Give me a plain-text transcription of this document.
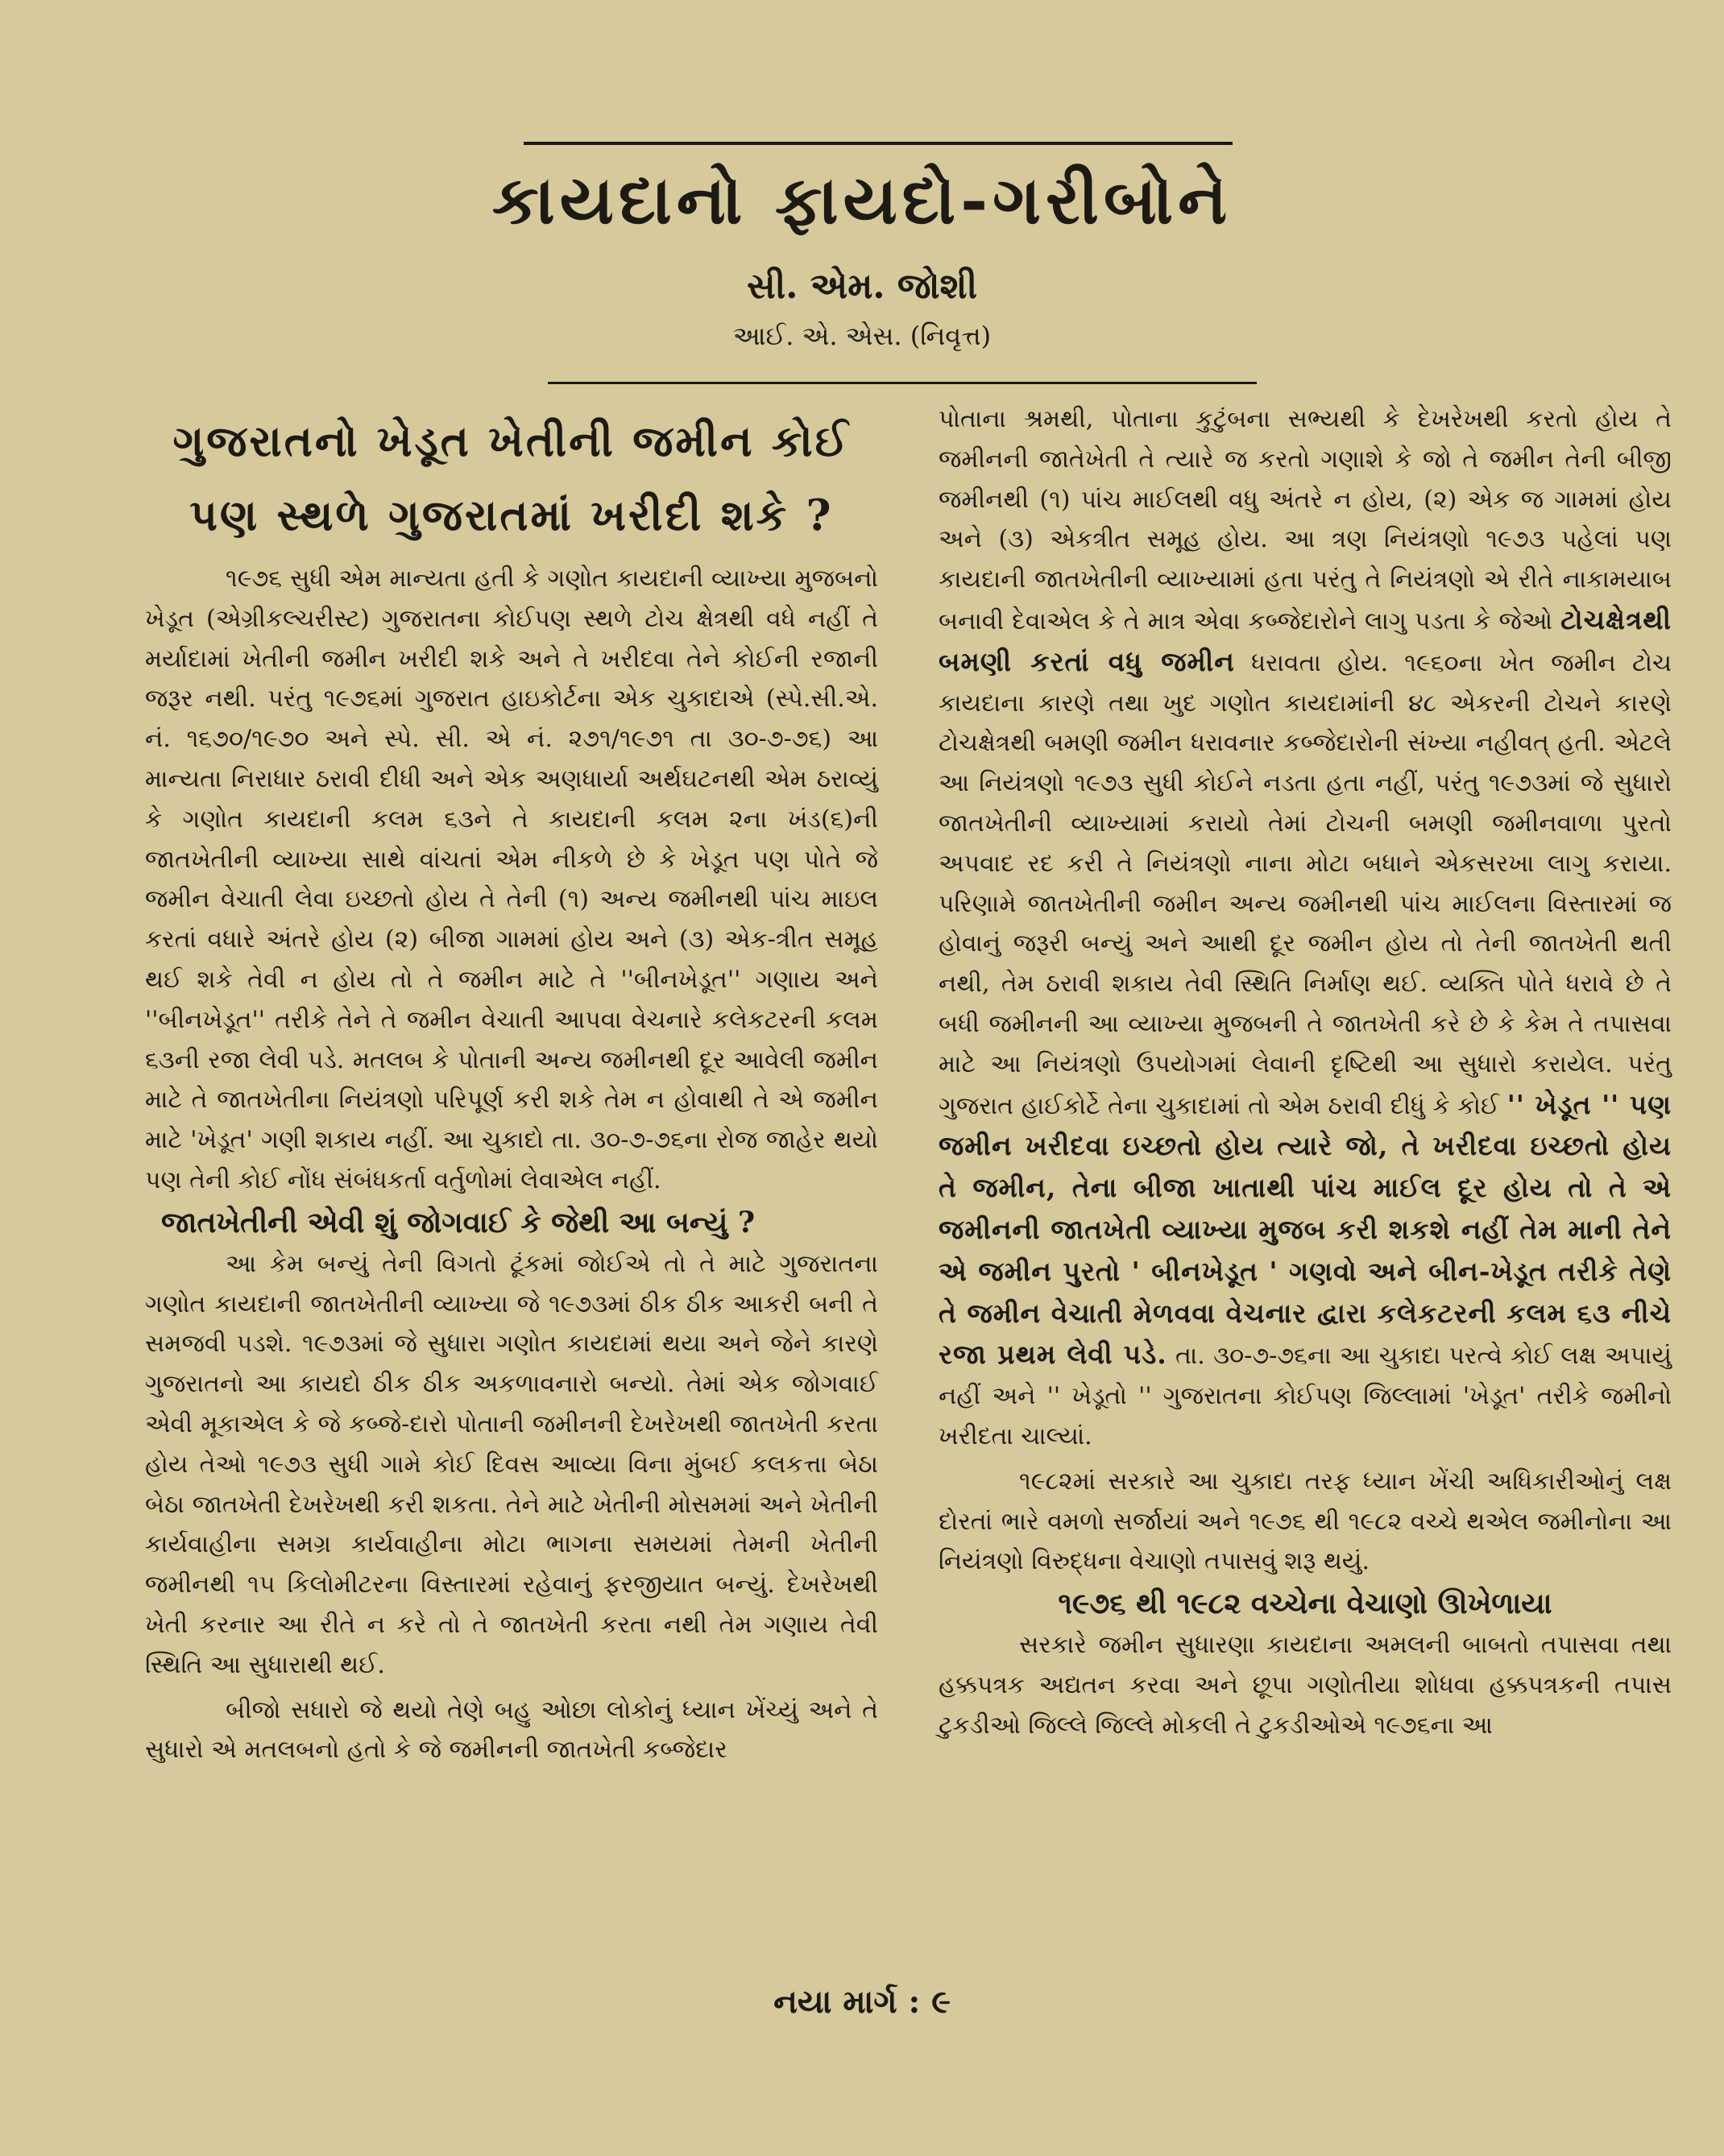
કાયદાનો ફાયદો-ગરીબોને
સી. એમ. જોશી
આઈ. એ. એસ. (નિવૃત્ત)
ગુજરાતનો ખેડૂત ખેતીની જમીન કોઈ પણ સ્થળે ગુજરાતમાં ખરીદી શકે ?

૧૯૭૬ સુધી એમ માન્યતા હતી કે ગણોત કાયદાની વ્યાખ્યા મુજબનો ખેડૂત (એગ્રીકલ્ચરીસ્ટ) ગુજરાતના કોઈપણ સ્થળે ટોચ ક્ષેત્રથી વધે નહીં તે મર્યાદામાં ખેતીની જમીન ખરીદી શકે અને તે ખરીદવા તેને કોઈની રજાની જરૂર નથી. પરંતુ ૧૯૭૬માં ગુજરાત હાઇકોર્ટના એક ચુકાદાએ (સ્પે.સી.એ. નં. ૧૬૭૦/૧૯૭૦ અને સ્પે. સી. એ નં. ૨૭૧/૧૯૭૧ તા ૩૦-૭-૭૬) આ માન્યતા નિરાધાર ઠરાવી દીધી અને એક અણધાર્યા અર્થઘટનથી એમ ઠરાવ્યું કે ગણોત કાયદાની કલમ ૬૩ને તે કાયદાની કલમ ૨ના ખંડ(૬)ની જાતખેતીની વ્યાખ્યા સાથે વાંચતાં એમ નીકળે છે કે ખેડૂત પણ પોતે જે જમીન વેચાતી લેવા ઇચ્છતો હોય તે તેની (૧) અન્ય જમીનથી પાંચ માઇલ કરતાં વધારે અંતરે હોય (૨) બીજા ગામમાં હોય અને (૩) એક-ત્રીત સમૂહ થઈ શકે તેવી ન હોય તો તે જમીન માટે તે ''બીનખેડૂત'' ગણાય અને ''બીનખેડૂત'' તરીકે તેને તે જમીન વેચાતી આપવા વેચનારે કલેકટરની કલમ ૬૩ની રજા લેવી પડે. મતલબ કે પોતાની અન્ય જમીનથી દૂર આવેલી જમીન માટે તે જાતખેતીના નિયંત્રણો પરિપૂર્ણ કરી શકે તેમ ન હોવાથી તે એ જમીન માટે 'ખેડૂત' ગણી શકાય નહીં. આ ચુકાદો તા. ૩૦-૭-૭૬ના રોજ જાહેર થયો પણ તેની કોઈ નોંધ સંબંધકર્તા વર્તુળોમાં લેવાએલ નહીં.

જાતખેતીની એવી શું જોગવાઈ કે જેથી આ બન્યું ?

આ કેમ બન્યું તેની વિગતો ટૂંકમાં જોઈએ તો તે માટે ગુજરાતના ગણોત કાયદાની જાતખેતીની વ્યાખ્યા જે ૧૯૭૩માં ઠીક ઠીક આકરી બની તે સમજવી પડશે. ૧૯૭૩માં જે સુધારા ગણોત કાયદામાં થયા અને જેને કારણે ગુજરાતનો આ કાયદો ઠીક ઠીક અકળાવનારો બન્યો. તેમાં એક જોગવાઈ એવી મૂકાએલ કે જે કબ્જે-દારો પોતાની જમીનની દેખરેખથી જાતખેતી કરતા હોય તેઓ ૧૯૭૩ સુધી ગામે કોઈ દિવસ આવ્યા વિના મુંબઈ કલકત્તા બેઠા બેઠા જાતખેતી દેખરેખથી કરી શકતા. તેને માટે ખેતીની મોસમમાં અને ખેતીની કાર્યવાહીના સમગ્ર કાર્યવાહીના મોટા ભાગના સમયમાં તેમની ખેતીની જમીનથી ૧૫ કિલોમીટરના વિસ્તારમાં રહેવાનું ફરજીયાત બન્યું. દેખરેખથી ખેતી કરનાર આ રીતે ન કરે તો તે જાતખેતી કરતા નથી તેમ ગણાય તેવી સ્થિતિ આ સુધારાથી થઈ.

બીજો સધારો જે થયો તેણે બહુ ઓછા લોકોનું ધ્યાન ખેંચ્યું અને તે સુધારો એ મતલબનો હતો કે જે જમીનની જાતખેતી કબ્જેદાર

પોતાના શ્રમથી, પોતાના કુટુંબના સભ્યથી કે દેખરેખથી કરતો હોય તે જમીનની જાતેખેતી તે ત્યારે જ કરતો ગણાશે કે જો તે જમીન તેની બીજી જમીનથી (૧) પાંચ માઈલથી વધુ અંતરે ન હોય, (૨) એક જ ગામમાં હોય અને (૩) એકત્રીત સમૂહ હોય. આ ત્રણ નિયંત્રણો ૧૯૭૩ પહેલાં પણ કાયદાની જાતખેતીની વ્યાખ્યામાં હતા પરંતુ તે નિયંત્રણો એ રીતે નાકામયાબ બનાવી દેવાએલ કે તે માત્ર એવા કબ્જેદારોને લાગુ પડતા કે જેઓ ટોચક્ષેત્રથી બમણી કરતાં વધુ જમીન ધરાવતા હોય. ૧૯૬૦ના ખેત જમીન ટોચ કાયદાના કારણે તથા ખુદ ગણોત કાયદામાંની ૪૮ એકરની ટોચને કારણે ટોચક્ષેત્રથી બમણી જમીન ધરાવનાર કબ્જેદારોની સંખ્યા નહીવત્ હતી. એટલે આ નિયંત્રણો ૧૯૭૩ સુધી કોઈને નડતા હતા નહીં, પરંતુ ૧૯૭૩માં જે સુધારો જાતખેતીની વ્યાખ્યામાં કરાયો તેમાં ટોચની બમણી જમીનવાળા પુરતો અપવાદ રદ કરી તે નિયંત્રણો નાના મોટા બધાને એકસરખા લાગુ કરાયા. પરિણામે જાતખેતીની જમીન અન્ય જમીનથી પાંચ માઈલના વિસ્તારમાં જ હોવાનું જરૂરી બન્યું અને આથી દૂર જમીન હોય તો તેની જાતખેતી થતી નથી, તેમ ઠરાવી શકાય તેવી સ્થિતિ નિર્માણ થઈ. વ્યક્તિ પોતે ધરાવે છે તે બધી જમીનની આ વ્યાખ્યા મુજબની તે જાતખેતી કરે છે કે કેમ તે તપાસવા માટે આ નિયંત્રણો ઉપયોગમાં લેવાની દૃષ્ટિથી આ સુધારો કરાયેલ. પરંતુ ગુજરાત હાઈકોર્ટે તેના ચુકાદામાં તો એમ ઠરાવી દીધું કે કોઈ '' ખેડૂત '' પણ જમીન ખરીદવા ઇચ્છતો હોય ત્યારે જો, તે ખરીદવા ઇચ્છતો હોય તે જમીન, તેના બીજા ખાતાથી પાંચ માઈલ દૂર હોય તો તે એ જમીનની જાતખેતી વ્યાખ્યા મુજબ કરી શકશે નહીં તેમ માની તેને એ જમીન પુરતો ' બીનખેડૂત ' ગણવો અને બીન-ખેડૂત તરીકે તેણે તે જમીન વેચાતી મેળવવા વેચનાર દ્વારા કલેકટરની કલમ ૬૩ નીચે રજા પ્રથમ લેવી પડે. તા. ૩૦-૭-૭૬ના આ ચુકાદા પરત્વે કોઈ લક્ષ અપાયું નહીં અને '' ખેડૂતો '' ગુજરાતના કોઈપણ જિલ્લામાં 'ખેડૂત' તરીકે જમીનો ખરીદતા ચાલ્યાં.

૧૯૮૨માં સરકારે આ ચુકાદા તરફ ધ્યાન ખેંચી અધિકારીઓનું લક્ષ દોરતાં ભારે વમળો સર્જાયાં અને ૧૯૭૬ થી ૧૯૮૨ વચ્ચે થએલ જમીનોના આ નિયંત્રણો વિરુદ્ધના વેચાણો તપાસવું શરૂ થયું.

૧૯૭૬ થી ૧૯૮૨ વચ્ચેના વેચાણો ઊખેળાયા

સરકારે જમીન સુધારણા કાયદાના અમલની બાબતો તપાસવા તથા હક્કપત્રક અદ્યતન કરવા અને છૂપા ગણોતીયા શોધવા હક્કપત્રકની તપાસ ટુકડીઓ જિલ્લે જિલ્લે મોકલી તે ટુકડીઓએ ૧૯૭૬ના આ

નયા માર્ગ : ૯
